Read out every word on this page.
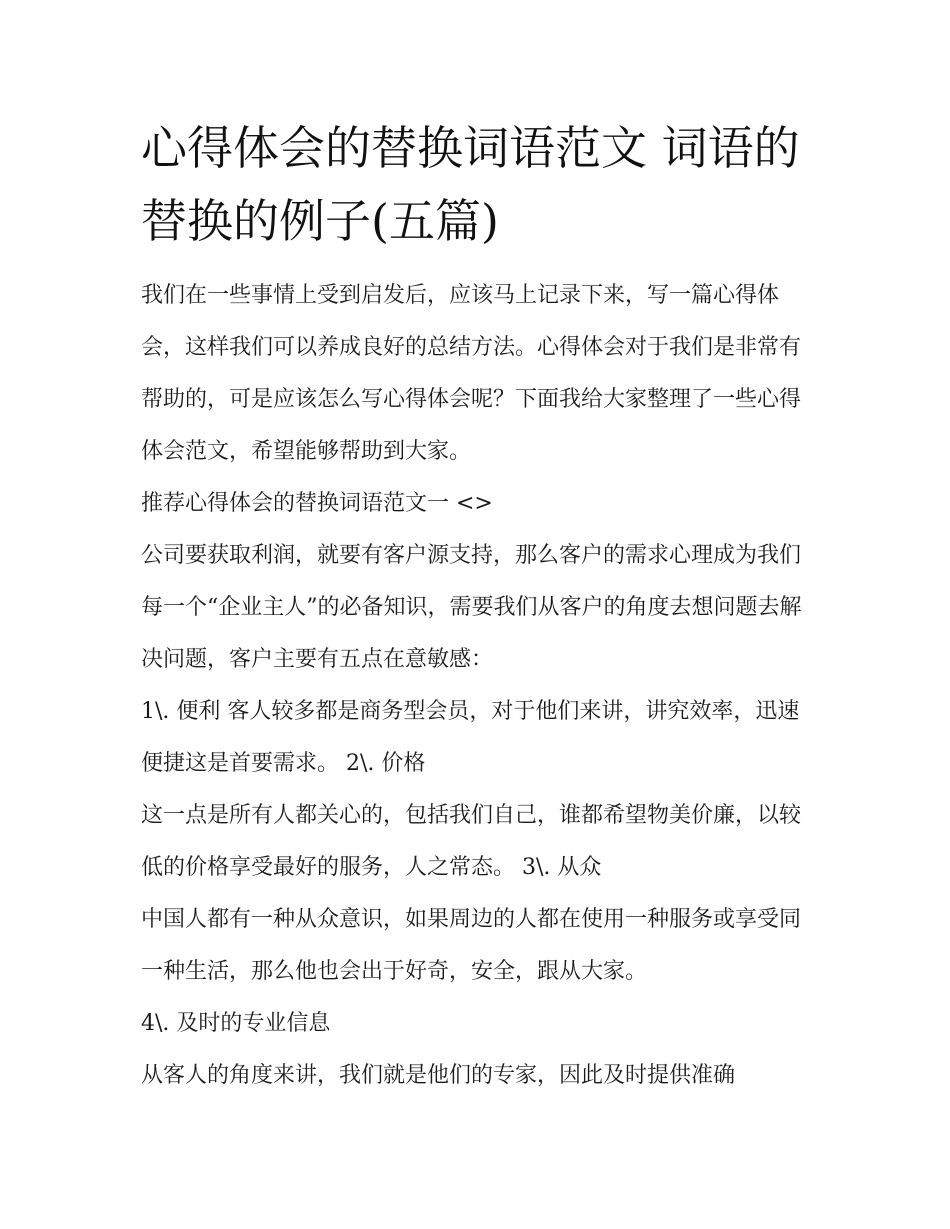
心得体会的替换词语范文 词语的替换的例子(五篇)

我们在一些事情上受到启发后，应该马上记录下来，写一篇心得体会，这样我们可以养成良好的总结方法。心得体会对于我们是非常有帮助的，可是应该怎么写心得体会呢？下面我给大家整理了一些心得体会范文，希望能够帮助到大家。

推荐心得体会的替换词语范文一 <>

公司要获取利润，就要有客户源支持，那么客户的需求心理成为我们每一个“企业主人”的必备知识，需要我们从客户的角度去想问题去解决问题，客户主要有五点在意敏感：

1\. 便利 客人较多都是商务型会员，对于他们来讲，讲究效率，迅速便捷这是首要需求。 2\. 价格

这一点是所有人都关心的，包括我们自己，谁都希望物美价廉，以较低的价格享受最好的服务，人之常态。 3\. 从众

中国人都有一种从众意识，如果周边的人都在使用一种服务或享受同一种生活，那么他也会出于好奇，安全，跟从大家。

4\. 及时的专业信息

从客人的角度来讲，我们就是他们的专家，因此及时提供准确
